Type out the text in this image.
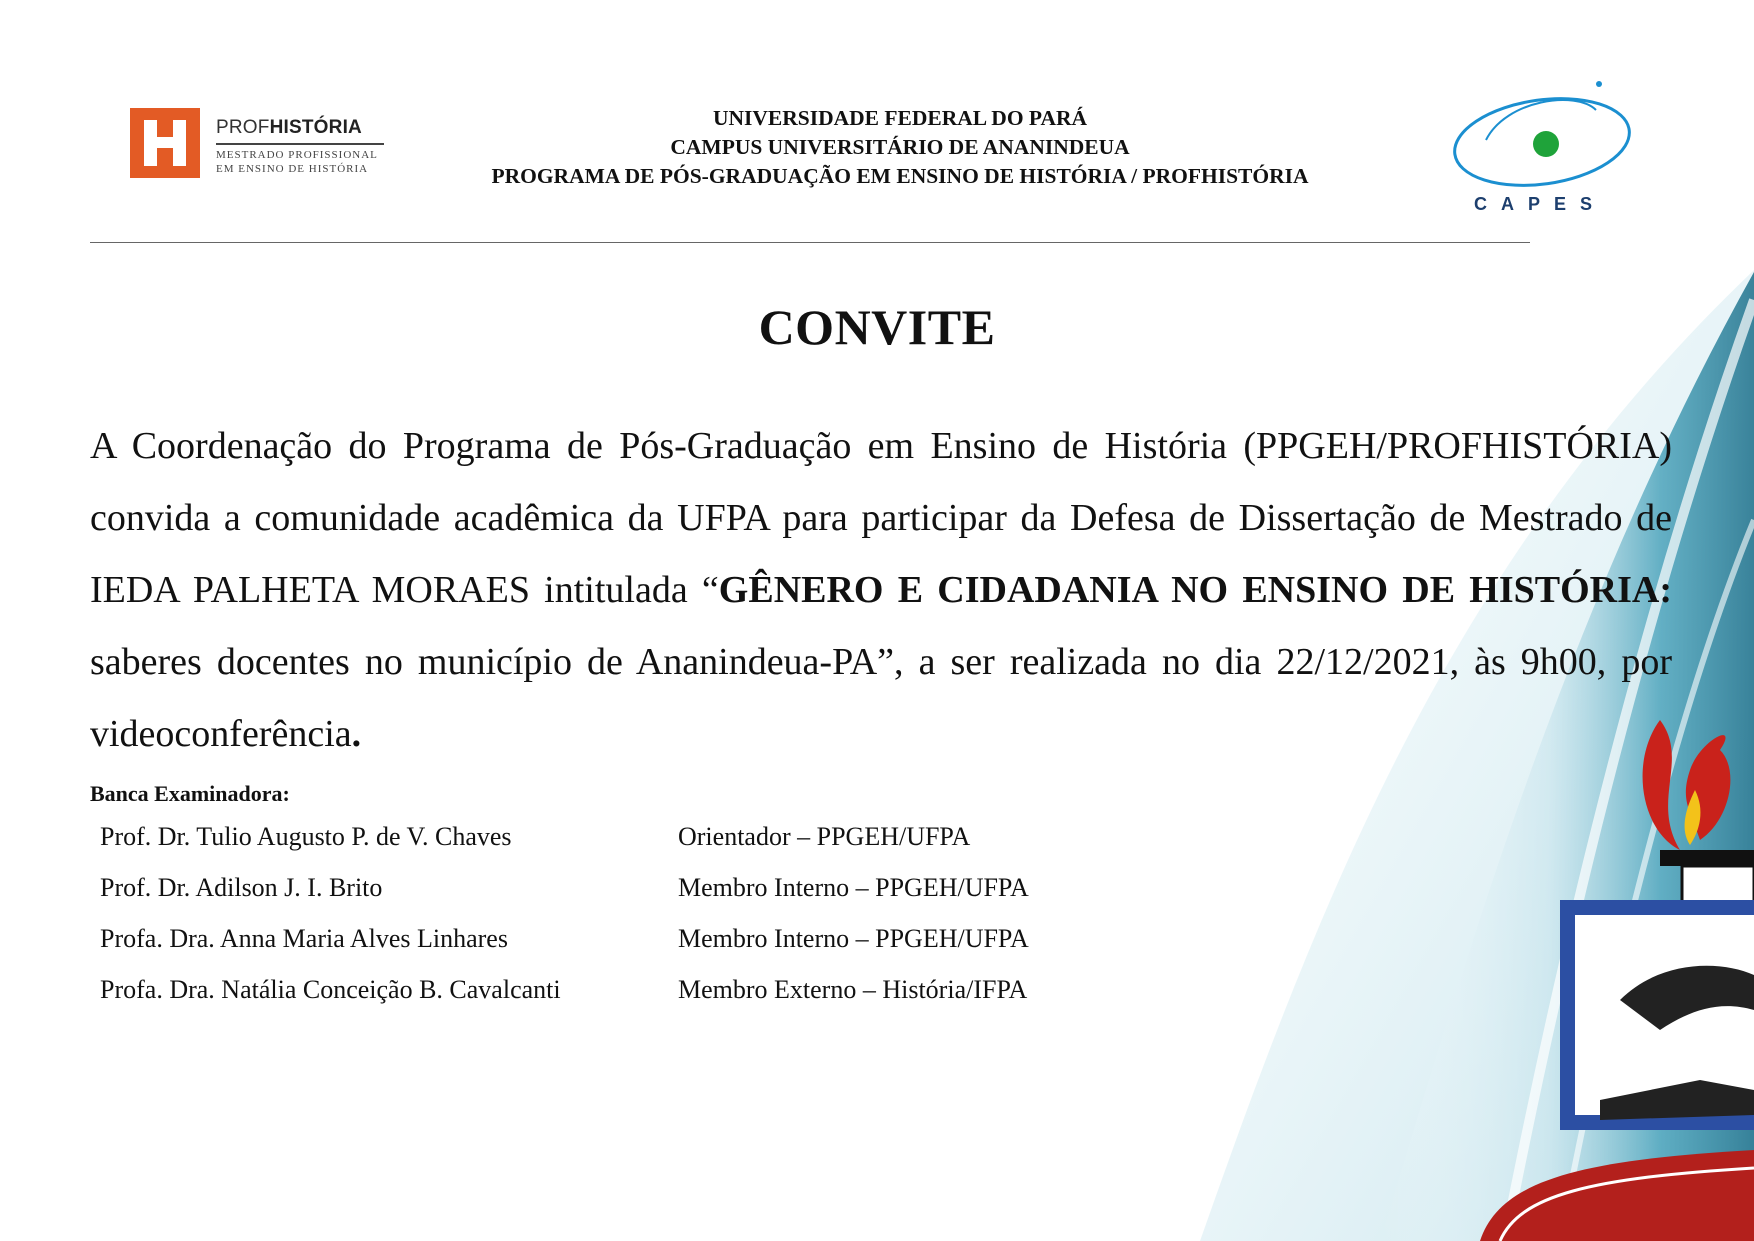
PROFHISTÓRIA
MESTRADO PROFISSIONAL
EM ENSINO DE HISTÓRIA
UNIVERSIDADE FEDERAL DO PARÁ
CAMPUS UNIVERSITÁRIO DE ANANINDEUA
PROGRAMA DE PÓS-GRADUAÇÃO EM ENSINO DE HISTÓRIA / PROFHISTÓRIA
CAPES
CONVITE
A Coordenação do Programa de Pós-Graduação em Ensino de História (PPGEH/PROFHISTÓRIA) convida a comunidade acadêmica da UFPA para participar da Defesa de Dissertação de Mestrado de IEDA PALHETA MORAES intitulada “GÊNERO E CIDADANIA NO ENSINO DE HISTÓRIA: saberes docentes no município de Ananindeua-PA”, a ser realizada no dia 22/12/2021, às 9h00, por videoconferência.
Banca Examinadora:
Prof. Dr. Tulio Augusto P. de V. Chaves	Orientador – PPGEH/UFPA
Prof. Dr. Adilson J. I. Brito	Membro Interno – PPGEH/UFPA
Profa. Dra. Anna Maria Alves Linhares	Membro Interno – PPGEH/UFPA
Profa. Dra. Natália Conceição B. Cavalcanti	Membro Externo – História/IFPA
